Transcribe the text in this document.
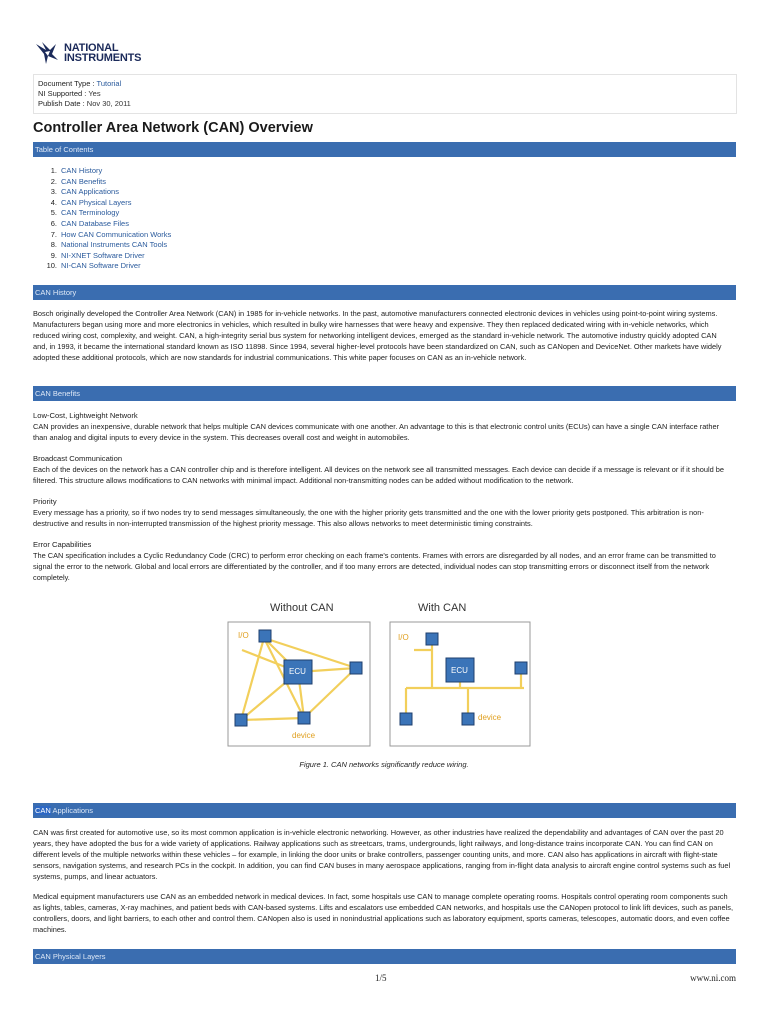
NATIONAL
INSTRUMENTS
Document Type : Tutorial
NI Supported : Yes
Publish Date : Nov 30, 2011
Controller Area Network (CAN) Overview
Table of Contents
1. CAN History
2. CAN Benefits
3. CAN Applications
4. CAN Physical Layers
5. CAN Terminology
6. CAN Database Files
7. How CAN Communication Works
8. National Instruments CAN Tools
9. NI-XNET Software Driver
10. NI-CAN Software Driver
CAN History

Bosch originally developed the Controller Area Network (CAN) in 1985 for in-vehicle networks. In the past, automotive manufacturers connected electronic devices in vehicles using point-to-point wiring systems. Manufacturers began using more and more electronics in vehicles, which resulted in bulky wire harnesses that were heavy and expensive. They then replaced dedicated wiring with in-vehicle networks, which reduced wiring cost, complexity, and weight. CAN, a high-integrity serial bus system for networking intelligent devices, emerged as the standard in-vehicle network. The automotive industry quickly adopted CAN and, in 1993, it became the international standard known as ISO 11898. Since 1994, several higher-level protocols have been standardized on CAN, such as CANopen and DeviceNet. Other markets have widely adopted these additional protocols, which are now standards for industrial communications. This white paper focuses on CAN as an in-vehicle network.

CAN Benefits
Low-Cost, Lightweight Network

CAN provides an inexpensive, durable network that helps multiple CAN devices communicate with one another. An advantage to this is that electronic control units (ECUs) can have a single CAN interface rather than analog and digital inputs to every device in the system. This decreases overall cost and weight in automobiles.

Broadcast Communication

Each of the devices on the network has a CAN controller chip and is therefore intelligent. All devices on the network see all transmitted messages. Each device can decide if a message is relevant or if it should be filtered. This structure allows modifications to CAN networks with minimal impact. Additional non-transmitting nodes can be added without modification to the network.

Priority

Every message has a priority, so if two nodes try to send messages simultaneously, the one with the higher priority gets transmitted and the one with the lower priority gets postponed. This arbitration is non-destructive and results in non-interrupted transmission of the highest priority message. This also allows networks to meet deterministic timing constraints.

Error Capabilities

The CAN specification includes a Cyclic Redundancy Code (CRC) to perform error checking on each frame's contents. Frames with errors are disregarded by all nodes, and an error frame can be transmitted to signal the error to the network. Global and local errors are differentiated by the controller, and if too many errors are detected, individual nodes can stop transmitting errors or disconnect itself from the network completely.

Without CAN
ECU
I/O
device
With CAN
ECU
I/O
device
Figure 1. CAN networks significantly reduce wiring.
CAN Applications

CAN was first created for automotive use, so its most common application is in-vehicle electronic networking. However, as other industries have realized the dependability and advantages of CAN over the past 20 years, they have adopted the bus for a wide variety of applications. Railway applications such as streetcars, trams, undergrounds, light railways, and long-distance trains incorporate CAN. You can find CAN on different levels of the multiple networks within these vehicles – for example, in linking the door units or brake controllers, passenger counting units, and more. CAN also has applications in aircraft with flight-state sensors, navigation systems, and research PCs in the cockpit. In addition, you can find CAN buses in many aerospace applications, ranging from in-flight data analysis to aircraft engine control systems such as fuel systems, pumps, and linear actuators.

Medical equipment manufacturers use CAN as an embedded network in medical devices. In fact, some hospitals use CAN to manage complete operating rooms. Hospitals control operating room components such as lights, tables, cameras, X-ray machines, and patient beds with CAN-based systems. Lifts and escalators use embedded CAN networks, and hospitals use the CANopen protocol to link lift devices, such as panels, controllers, doors, and light barriers, to each other and control them. CANopen also is used in nonindustrial applications such as laboratory equipment, sports cameras, telescopes, automatic doors, and even coffee machines.

CAN Physical Layers
1/5	www.ni.com
